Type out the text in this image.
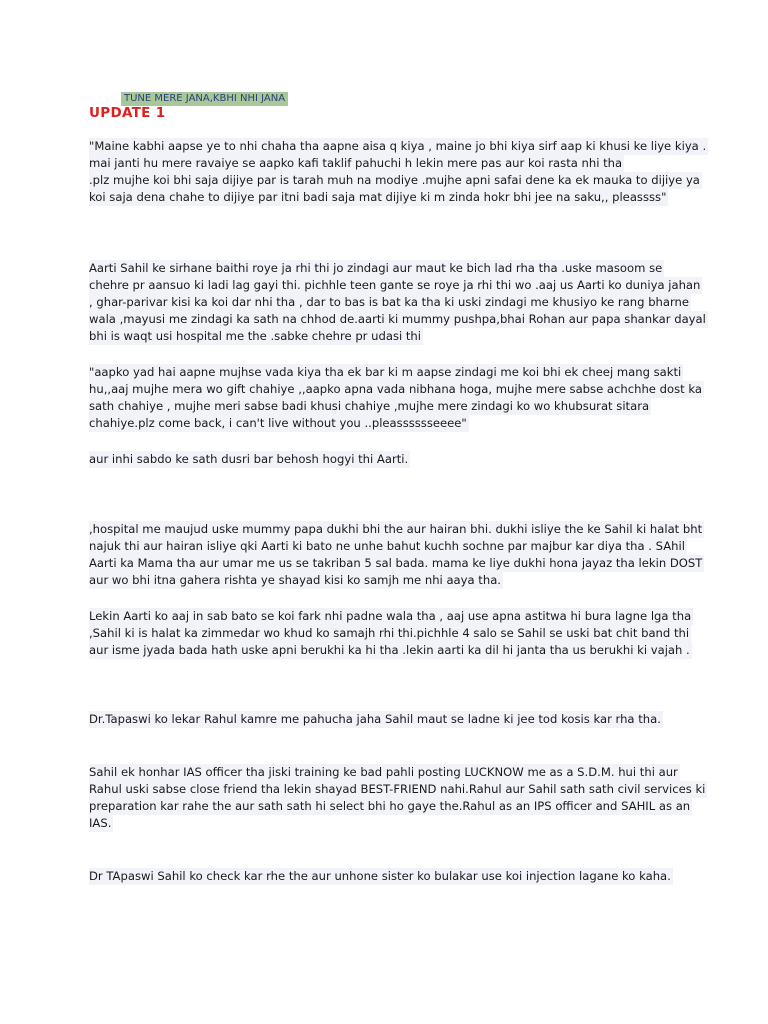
TUNE MERE JANA,KBHI NHI JANA
UPDATE 1
"Maine kabhi aapse ye to nhi chaha tha aapne aisa q kiya , maine jo bhi kiya sirf aap ki khusi ke liye kiya .
mai janti hu mere ravaiye se aapko kafi taklif pahuchi h lekin mere pas aur koi rasta nhi tha
.plz mujhe koi bhi saja dijiye par is tarah muh na modiye .mujhe apni safai dene ka ek mauka to dijiye ya
koi saja dena chahe to dijiye par itni badi saja mat dijiye ki m zinda hokr bhi jee na saku,, pleassss"
Aarti Sahil ke sirhane baithi roye ja rhi thi jo zindagi aur maut ke bich lad rha tha .uske masoom se
chehre pr aansuo ki ladi lag gayi thi. pichhle teen gante se roye ja rhi thi wo .aaj us Aarti ko duniya jahan
, ghar-parivar kisi ka koi dar nhi tha , dar to bas is bat ka tha ki uski zindagi me khusiyo ke rang bharne
wala ,mayusi me zindagi ka sath na chhod de.aarti ki mummy pushpa,bhai Rohan aur papa shankar dayal
bhi is waqt usi hospital me the .sabke chehre pr udasi thi
"aapko yad hai aapne mujhse vada kiya tha ek bar ki m aapse zindagi me koi bhi ek cheej mang sakti
hu,,aaj mujhe mera wo gift chahiye ,,aapko apna vada nibhana hoga, mujhe mere sabse achchhe dost ka
sath chahiye , mujhe meri sabse badi khusi chahiye ,mujhe mere zindagi ko wo khubsurat sitara
chahiye.plz come back, i can't live without you ..pleasssssseeee"
aur inhi sabdo ke sath dusri bar behosh hogyi thi Aarti.
,hospital me maujud uske mummy papa dukhi bhi the aur hairan bhi. dukhi isliye the ke Sahil ki halat bht
najuk thi aur hairan isliye qki Aarti ki bato ne unhe bahut kuchh sochne par majbur kar diya tha . SAhil
Aarti ka Mama tha aur umar me us se takriban 5 sal bada. mama ke liye dukhi hona jayaz tha lekin DOST
aur wo bhi itna gahera rishta ye shayad kisi ko samjh me nhi aaya tha.
Lekin Aarti ko aaj in sab bato se koi fark nhi padne wala tha , aaj use apna astitwa hi bura lagne lga tha
,Sahil ki is halat ka zimmedar wo khud ko samajh rhi thi.pichhle 4 salo se Sahil se uski bat chit band thi
aur isme jyada bada hath uske apni berukhi ka hi tha .lekin aarti ka dil hi janta tha us berukhi ki vajah .
Dr.Tapaswi ko lekar Rahul kamre me pahucha jaha Sahil maut se ladne ki jee tod kosis kar rha tha.
Sahil ek honhar IAS officer tha jiski training ke bad pahli posting LUCKNOW me as a S.D.M. hui thi aur
Rahul uski sabse close friend tha lekin shayad BEST-FRIEND nahi.Rahul aur Sahil sath sath civil services ki
preparation kar rahe the aur sath sath hi select bhi ho gaye the.Rahul as an IPS officer and SAHIL as an
IAS.
Dr TApaswi Sahil ko check kar rhe the aur unhone sister ko bulakar use koi injection lagane ko kaha.
